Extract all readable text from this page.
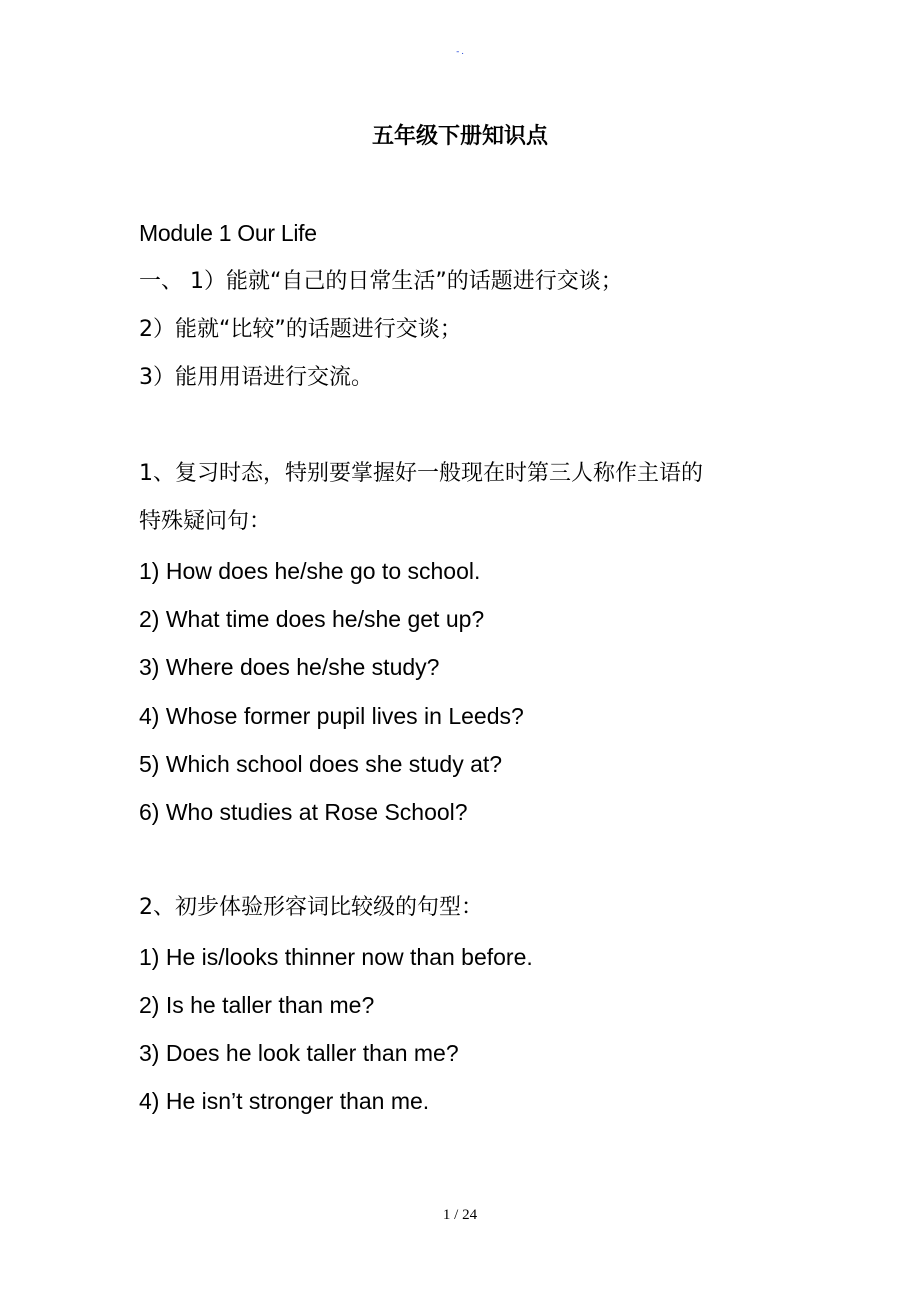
- .
五年级下册知识点

Module 1 Our Life

一、 1）能就“自己的日常生活”的话题进行交谈；

2）能就“比较”的话题进行交谈；

3）能用用语进行交流。

1、复习时态，特别要掌握好一般现在时第三人称作主语的

特殊疑问句：

1) How does he/she go to school.

2) What time does he/she get up?

3) Where does he/she study?

4) Whose former pupil lives in Leeds?

5) Which school does she study at?

6) Who studies at Rose School?

2、初步体验形容词比较级的句型：

1) He is/looks thinner now than before.

2) Is he taller than me?

3) Does he look taller than me?

4) He isn’t stronger than me.

1 / 24
